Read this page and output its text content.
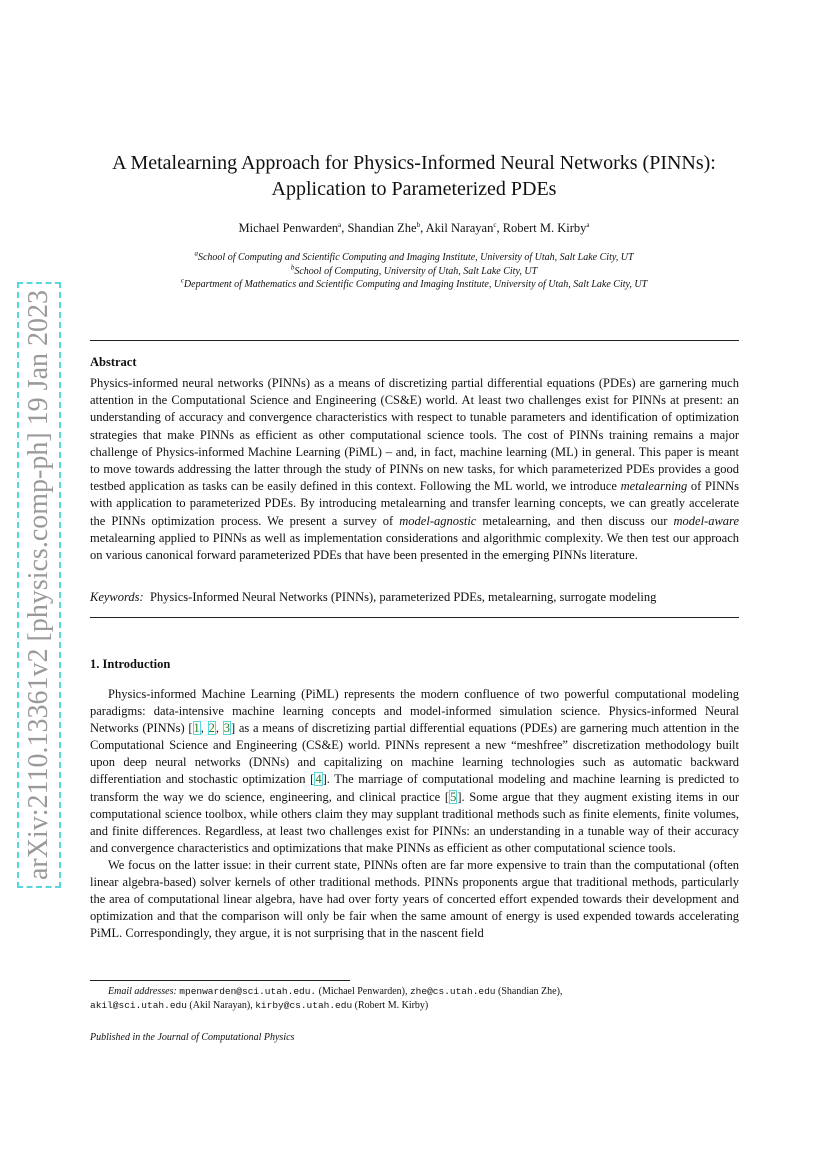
arXiv:2110.13361v2 [physics.comp-ph] 19 Jan 2023
A Metalearning Approach for Physics-Informed Neural Networks (PINNs):
Application to Parameterized PDEs
Michael Penwarden$^a$, Shandian Zhe$^b$, Akil Narayan$^c$, Robert M. Kirby$^a$
$^a$School of Computing and Scientific Computing and Imaging Institute, University of Utah, Salt Lake City, UT
$^b$School of Computing, University of Utah, Salt Lake City, UT
$^c$Department of Mathematics and Scientific Computing and Imaging Institute, University of Utah, Salt Lake City, UT
Abstract
Physics-informed neural networks (PINNs) as a means of discretizing partial differential equations (PDEs) are garnering much attention in the Computational Science and Engineering (CS&E) world. At least two challenges exist for PINNs at present: an understanding of accuracy and convergence characteristics with respect to tunable parameters and identification of optimization strategies that make PINNs as efficient as other computational science tools. The cost of PINNs training remains a major challenge of Physics-informed Machine Learning (PiML) – and, in fact, machine learning (ML) in general. This paper is meant to move towards addressing the latter through the study of PINNs on new tasks, for which parameterized PDEs provides a good testbed application as tasks can be easily defined in this context. Following the ML world, we introduce metalearning of PINNs with application to parameterized PDEs. By introducing metalearning and transfer learning concepts, we can greatly accelerate the PINNs optimization process. We present a survey of model-agnostic metalearning, and then discuss our model-aware metalearning applied to PINNs as well as implementation considerations and algorithmic complexity. We then test our approach on various canonical forward parameterized PDEs that have been presented in the emerging PINNs literature.
Keywords: Physics-Informed Neural Networks (PINNs), parameterized PDEs, metalearning, surrogate modeling
1. Introduction

Physics-informed Machine Learning (PiML) represents the modern confluence of two powerful computational modeling paradigms: data-intensive machine learning concepts and model-informed simulation science. Physics-informed Neural Networks (PINNs) [1, 2, 3] as a means of discretizing partial differential equations (PDEs) are garnering much attention in the Computational Science and Engineering (CS&E) world. PINNs represent a new “meshfree” discretization methodology built upon deep neural networks (DNNs) and capitalizing on machine learning technologies such as automatic backward differentiation and stochastic optimization [4]. The marriage of computational modeling and machine learning is predicted to transform the way we do science, engineering, and clinical practice [5]. Some argue that they augment existing items in our computational science toolbox, while others claim they may supplant traditional methods such as finite elements, finite volumes, and finite differences. Regardless, at least two challenges exist for PINNs: an understanding in a tunable way of their accuracy and convergence characteristics and optimizations that make PINNs as efficient as other computational science tools.

We focus on the latter issue: in their current state, PINNs often are far more expensive to train than the computational (often linear algebra-based) solver kernels of other traditional methods. PINNs proponents argue that traditional methods, particularly the area of computational linear algebra, have had over forty years of concerted effort expended towards their development and optimization and that the comparison will only be fair when the same amount of energy is used expended towards accelerating PiML. Correspondingly, they argue, it is not surprising that in the nascent field

Email addresses: mpenwarden@sci.utah.edu. (Michael Penwarden), zhe@cs.utah.edu (Shandian Zhe),

akil@sci.utah.edu (Akil Narayan), kirby@cs.utah.edu (Robert M. Kirby)

Published in the Journal of Computational Physics
